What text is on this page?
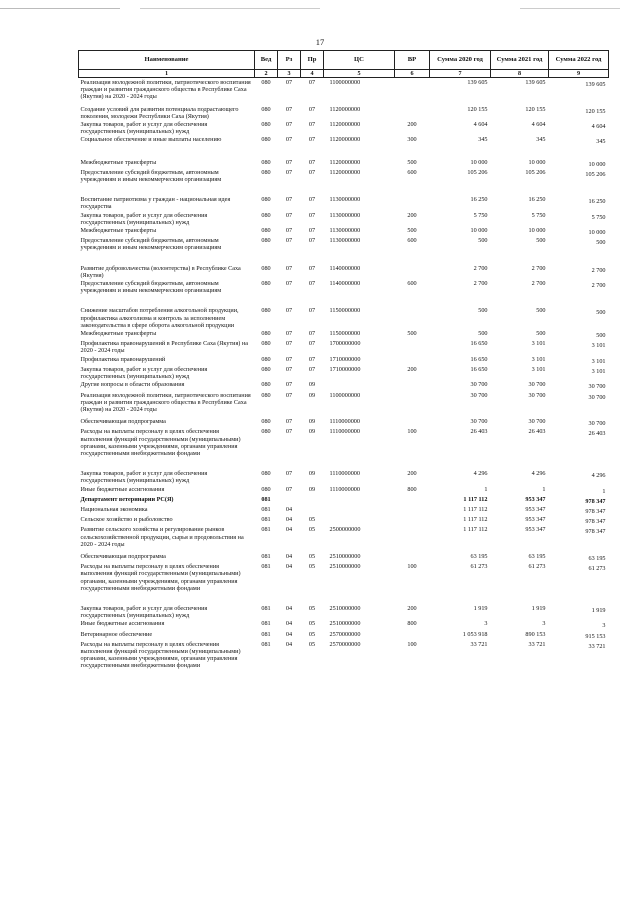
17
Наименование	Вед	Рз	Пр	ЦС	ВР	Сумма 2020 год	Сумма 2021 год	Сумма 2022 год
1	2	3	4	5	6	7	8	9
Реализация молодежной политики, патриотического воспитания граждан и развития гражданского общества в Республике Саха (Якутия) на 2020 - 2024 годы	080	07	07	1100000000		139 605	139 605	139 605
Создание условий для развития потенциала подрастающего поколения, молодежи Республики Саха (Якутия)	080	07	07	1120000000		120 155	120 155	120 155
Закупка товаров, работ и услуг для обеспечения государственных (муниципальных) нужд	080	07	07	1120000000	200	4 604	4 604	4 604
Социальное обеспечение и иные выплаты населению	080	07	07	1120000000	300	345	345	345
Межбюджетные трансферты	080	07	07	1120000000	500	10 000	10 000	10 000
Предоставление субсидий бюджетным, автономным учреждениям и иным некоммерческим организациям	080	07	07	1120000000	600	105 206	105 206	105 206
Воспитание патриотизма у граждан - национальная идея государства	080	07	07	1130000000		16 250	16 250	16 250
Закупка товаров, работ и услуг для обеспечения государственных (муниципальных) нужд	080	07	07	1130000000	200	5 750	5 750	5 750
Межбюджетные трансферты	080	07	07	1130000000	500	10 000	10 000	10 000
Предоставление субсидий бюджетным, автономным учреждениям и иным некоммерческим организациям	080	07	07	1130000000	600	500	500	500
Развитие добровольчества (волонтерства) в Республике Саха (Якутия)	080	07	07	1140000000		2 700	2 700	2 700
Предоставление субсидий бюджетным, автономным учреждениям и иным некоммерческим организациям	080	07	07	1140000000	600	2 700	2 700	2 700
Снижение масштабов потребления алкогольной продукции, профилактика алкоголизма и контроль за исполнением законодательства в сфере оборота алкогольной продукции	080	07	07	1150000000		500	500	500
Межбюджетные трансферты	080	07	07	1150000000	500	500	500	500
Профилактика правонарушений в Республике Саха (Якутия) на 2020 - 2024 годы	080	07	07	1700000000		16 650	3 101	3 101
Профилактика правонарушений	080	07	07	1710000000		16 650	3 101	3 101
Закупка товаров, работ и услуг для обеспечения государственных (муниципальных) нужд	080	07	07	1710000000	200	16 650	3 101	3 101
Другие вопросы в области образования	080	07	09			30 700	30 700	30 700
Реализация молодежной политики, патриотического воспитания граждан и развития гражданского общества в Республике Саха (Якутия) на 2020 - 2024 годы	080	07	09	1100000000		30 700	30 700	30 700
Обеспечивающая подпрограмма	080	07	09	1110000000		30 700	30 700	30 700
Расходы на выплаты персоналу в целях обеспечения выполнения функций государственными (муниципальными) органами, казенными учреждениями, органами управления государственными внебюджетными фондами	080	07	09	1110000000	100	26 403	26 403	26 403
Закупка товаров, работ и услуг для обеспечения государственных (муниципальных) нужд	080	07	09	1110000000	200	4 296	4 296	4 296
Иные бюджетные ассигнования	080	07	09	1110000000	800	1	1	1
Департамент ветеринарии РС(Я)	081					1 117 112	953 347	978 347
Национальная экономика	081	04				1 117 112	953 347	978 347
Сельское хозяйство и рыболовство	081	04	05			1 117 112	953 347	978 347
Развитие сельского хозяйства и регулирование рынков сельскохозяйственной продукции, сырья и продовольствия на 2020 - 2024 годы	081	04	05	2500000000		1 117 112	953 347	978 347
Обеспечивающая подпрограмма	081	04	05	2510000000		63 195	63 195	63 195
Расходы на выплаты персоналу в целях обеспечения выполнения функций государственными (муниципальными) органами, казенными учреждениями, органами управления государственными внебюджетными фондами	081	04	05	2510000000	100	61 273	61 273	61 273
Закупка товаров, работ и услуг для обеспечения государственных (муниципальных) нужд	081	04	05	2510000000	200	1 919	1 919	1 919
Иные бюджетные ассигнования	081	04	05	2510000000	800	3	3	3
Ветеринарное обеспечение	081	04	05	2570000000		1 053 918	890 153	915 153
Расходы на выплаты персоналу в целях обеспечения выполнения функций государственными (муниципальными) органами, казенными учреждениями, органами управления государственными внебюджетными фондами	081	04	05	2570000000	100	33 721	33 721	33 721
